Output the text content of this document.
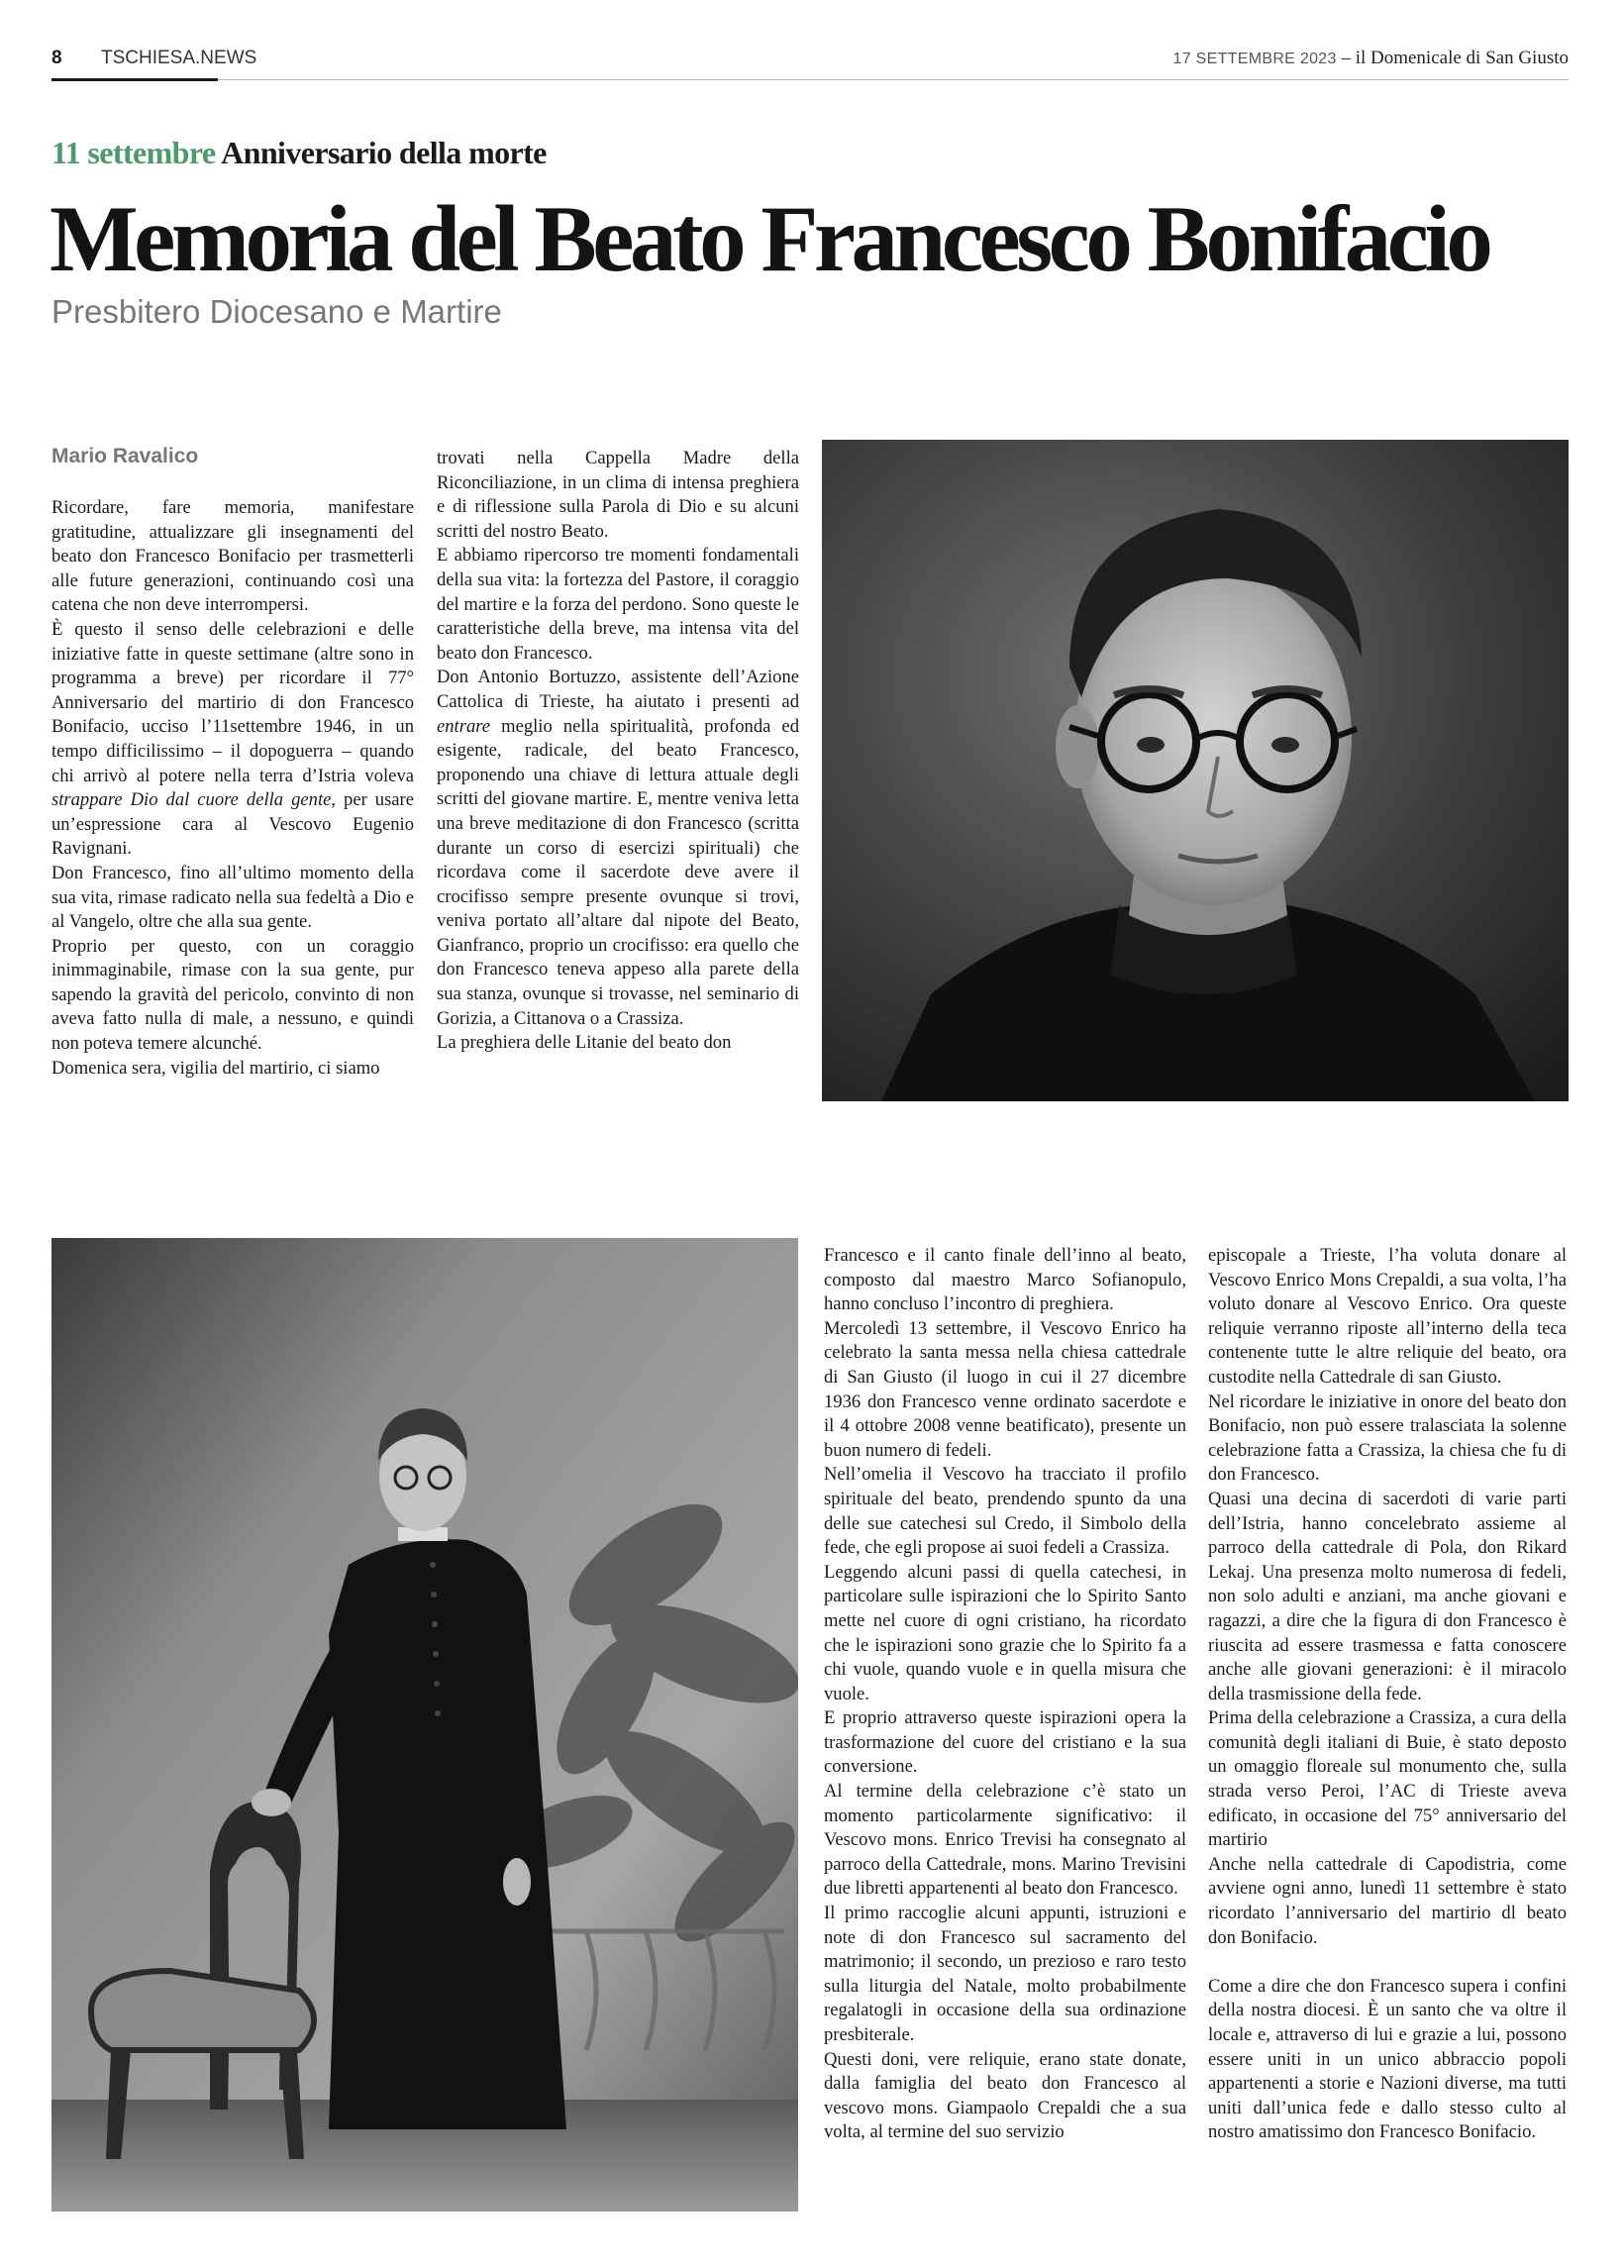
8 TSCHIESA.NEWS	17 SETTEMBRE 2023 – il Domenicale di San Giusto
11 settembre Anniversario della morte
Memoria del Beato Francesco Bonifacio
Presbitero Diocesano e Martire
Mario Ravalico

Ricordare, fare memoria, manifestare gratitudine, attualizzare gli insegnamenti del beato don Francesco Bonifacio per trasmetterli alle future generazioni, continuando così una catena che non deve interrompersi.

È questo il senso delle celebrazioni e delle iniziative fatte in queste settimane (altre sono in programma a breve) per ricordare il 77° Anniversario del martirio di don Francesco Bonifacio, ucciso l’11settembre 1946, in un tempo difficilissimo – il dopoguerra – quando chi arrivò al potere nella terra d’Istria voleva strappare Dio dal cuore della gente, per usare un’espressione cara al Vescovo Eugenio Ravignani.

Don Francesco, fino all’ultimo momento della sua vita, rimase radicato nella sua fedeltà a Dio e al Vangelo, oltre che alla sua gente.

Proprio per questo, con un coraggio inimmaginabile, rimase con la sua gente, pur sapendo la gravità del pericolo, convinto di non aveva fatto nulla di male, a nessuno, e quindi non poteva temere alcunché.

Domenica sera, vigilia del martirio, ci siamo

trovati nella Cappella Madre della Riconciliazione, in un clima di intensa preghiera e di riflessione sulla Parola di Dio e su alcuni scritti del nostro Beato.

E abbiamo ripercorso tre momenti fondamentali della sua vita: la fortezza del Pastore, il coraggio del martire e la forza del perdono. Sono queste le caratteristiche della breve, ma intensa vita del beato don Francesco.

Don Antonio Bortuzzo, assistente dell’Azione Cattolica di Trieste, ha aiutato i presenti ad entrare meglio nella spiritualità, profonda ed esigente, radicale, del beato Francesco, proponendo una chiave di lettura attuale degli scritti del giovane martire. E, mentre veniva letta una breve meditazione di don Francesco (scritta durante un corso di esercizi spirituali) che ricordava come il sacerdote deve avere il crocifisso sempre presente ovunque si trovi, veniva portato all’altare dal nipote del Beato, Gianfranco, proprio un crocifisso: era quello che don Francesco teneva appeso alla parete della sua stanza, ovunque si trovasse, nel seminario di Gorizia, a Cittanova o a Crassiza.

La preghiera delle Litanie del beato don

Francesco e il canto finale dell’inno al beato, composto dal maestro Marco Sofianopulo, hanno concluso l’incontro di preghiera.

Mercoledì 13 settembre, il Vescovo Enrico ha celebrato la santa messa nella chiesa cattedrale di San Giusto (il luogo in cui il 27 dicembre 1936 don Francesco venne ordinato sacerdote e il 4 ottobre 2008 venne beatificato), presente un buon numero di fedeli.

Nell’omelia il Vescovo ha tracciato il profilo spirituale del beato, prendendo spunto da una delle sue catechesi sul Credo, il Simbolo della fede, che egli propose ai suoi fedeli a Crassiza.

Leggendo alcuni passi di quella catechesi, in particolare sulle ispirazioni che lo Spirito Santo mette nel cuore di ogni cristiano, ha ricordato che le ispirazioni sono grazie che lo Spirito fa a chi vuole, quando vuole e in quella misura che vuole.

E proprio attraverso queste ispirazioni opera la trasformazione del cuore del cristiano e la sua conversione.

Al termine della celebrazione c’è stato un momento particolarmente significativo: il Vescovo mons. Enrico Trevisi ha consegnato al parroco della Cattedrale, mons. Marino Trevisini due libretti appartenenti al beato don Francesco.

Il primo raccoglie alcuni appunti, istruzioni e note di don Francesco sul sacramento del matrimonio; il secondo, un prezioso e raro testo sulla liturgia del Natale, molto probabilmente regalatogli in occasione della sua ordinazione presbiterale.

Questi doni, vere reliquie, erano state donate, dalla famiglia del beato don Francesco al vescovo mons. Giampaolo Crepaldi che a sua volta, al termine del suo servizio

episcopale a Trieste, l’ha voluta donare al Vescovo Enrico Mons Crepaldi, a sua volta, l’ha voluto donare al Vescovo Enrico. Ora queste reliquie verranno riposte all’interno della teca contenente tutte le altre reliquie del beato, ora custodite nella Cattedrale di san Giusto.

Nel ricordare le iniziative in onore del beato don Bonifacio, non può essere tralasciata la solenne celebrazione fatta a Crassiza, la chiesa che fu di don Francesco.

Quasi una decina di sacerdoti di varie parti dell’Istria, hanno concelebrato assieme al parroco della cattedrale di Pola, don Rikard Lekaj. Una presenza molto numerosa di fedeli, non solo adulti e anziani, ma anche giovani e ragazzi, a dire che la figura di don Francesco è riuscita ad essere trasmessa e fatta conoscere anche alle giovani generazioni: è il miracolo della trasmissione della fede.

Prima della celebrazione a Crassiza, a cura della comunità degli italiani di Buie, è stato deposto un omaggio floreale sul monumento che, sulla strada verso Peroi, l’AC di Trieste aveva edificato, in occasione del 75° anniversario del martirio

Anche nella cattedrale di Capodistria, come avviene ogni anno, lunedì 11 settembre è stato ricordato l’anniversario del martirio dl beato don Bonifacio.

Come a dire che don Francesco supera i confini della nostra diocesi. È un santo che va oltre il locale e, attraverso di lui e grazie a lui, possono essere uniti in un unico abbraccio popoli appartenenti a storie e Nazioni diverse, ma tutti uniti dall’unica fede e dallo stesso culto al nostro amatissimo don Francesco Bonifacio.
